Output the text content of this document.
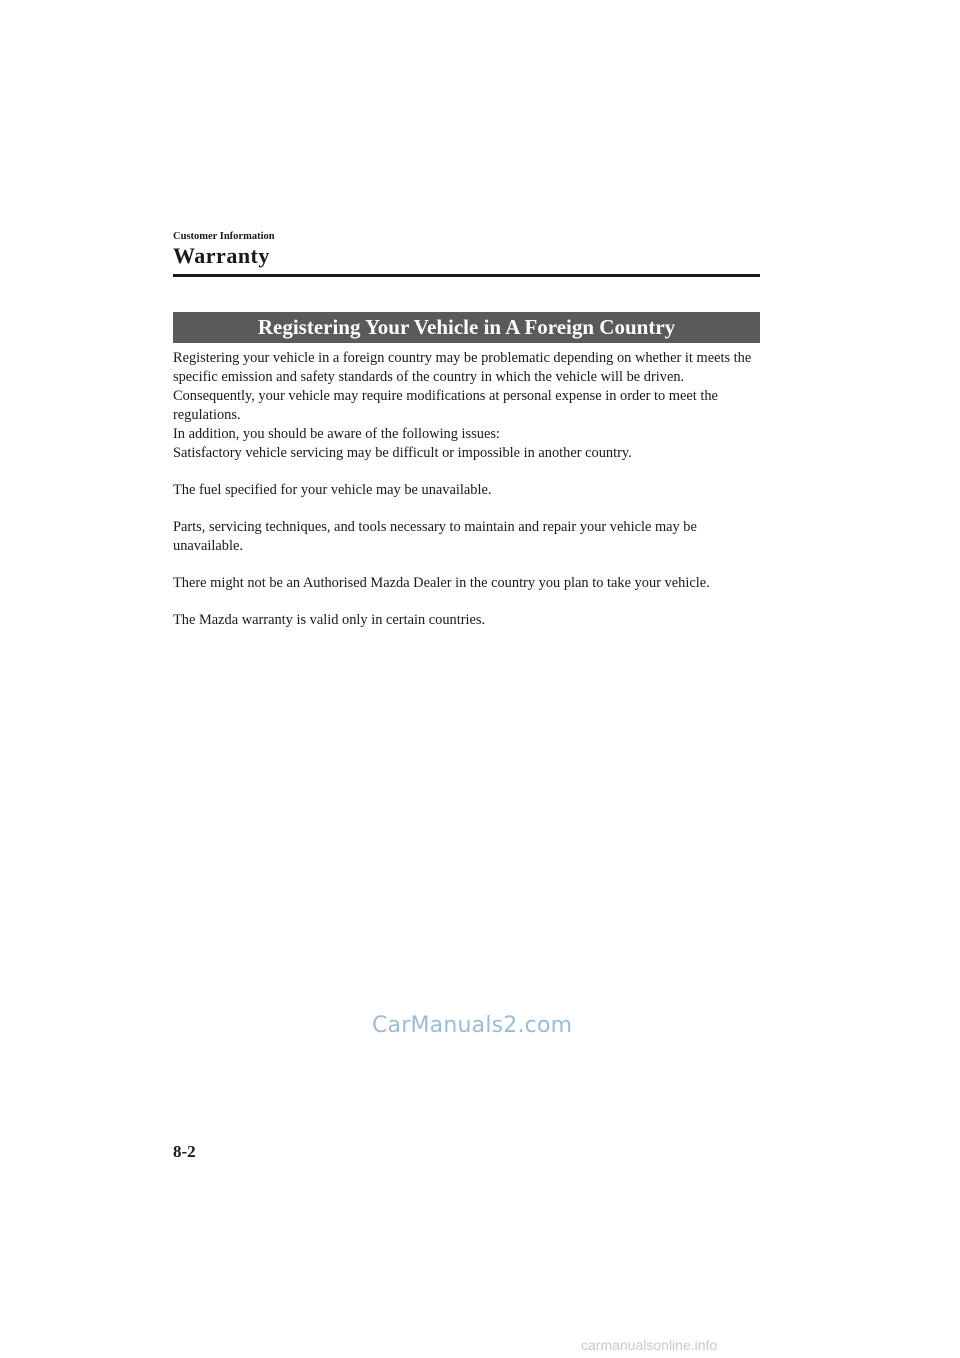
Customer Information
Warranty
Registering Your Vehicle in A Foreign Country

Registering your vehicle in a foreign country may be problematic depending on whether it meets the specific emission and safety standards of the country in which the vehicle will be driven. Consequently, your vehicle may require modifications at personal expense in order to meet the regulations.

In addition, you should be aware of the following issues:

Satisfactory vehicle servicing may be difficult or impossible in another country.

The fuel specified for your vehicle may be unavailable.

Parts, servicing techniques, and tools necessary to maintain and repair your vehicle may be unavailable.

There might not be an Authorised Mazda Dealer in the country you plan to take your vehicle.

The Mazda warranty is valid only in certain countries.

CarManuals2.com
8-2
carmanualsonline.info
